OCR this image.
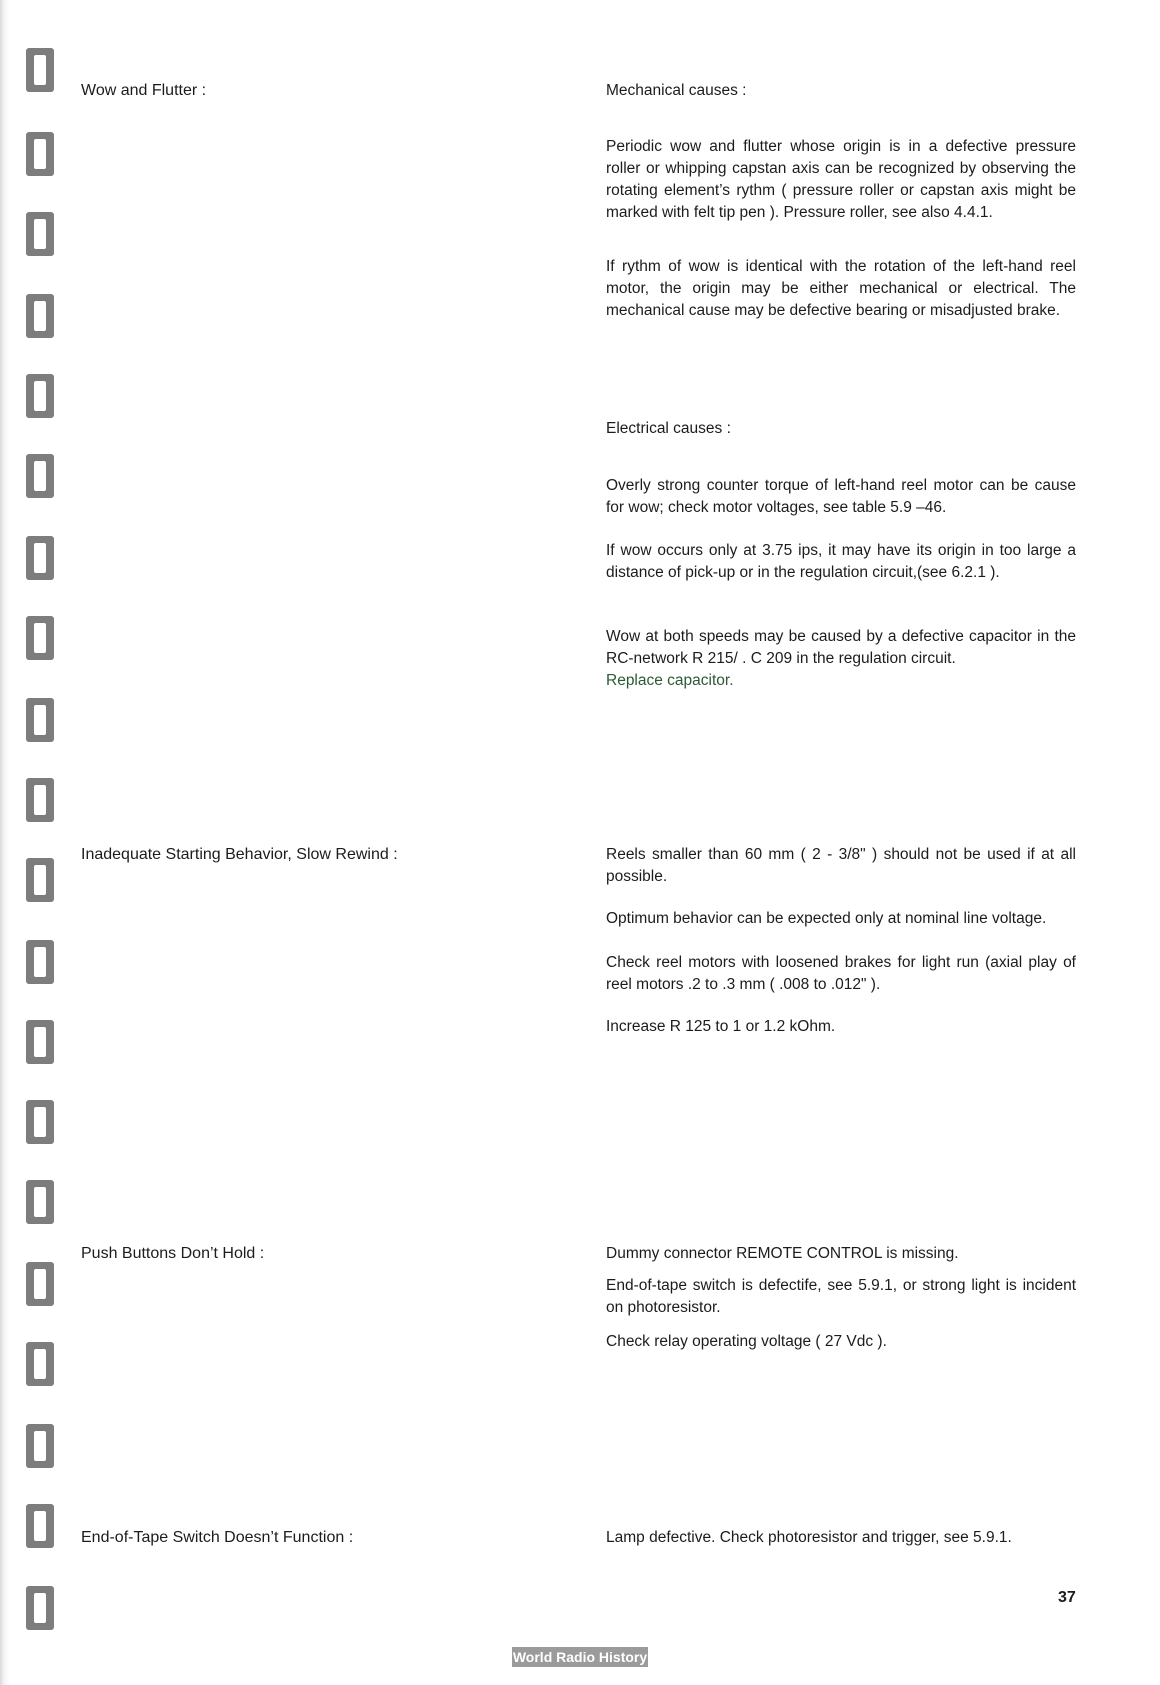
Wow and Flutter :	Mechanical causes :
Periodic wow and flutter whose origin is in a defective pressure roller or whipping capstan axis can be recognized by observing the rotating element’s rythm ( pressure roller or capstan axis might be marked with felt tip pen ). Pressure roller, see also 4.4.1.
If rythm of wow is identical with the rotation of the left-hand reel motor, the origin may be either mechanical or electrical. The mechanical cause may be defective bearing or misadjusted brake.
Electrical causes :
Overly strong counter torque of left-hand reel motor can be cause for wow; check motor voltages, see table 5.9 –46.
If wow occurs only at 3.75 ips, it may have its origin in too large a distance of pick-up or in the regulation circuit,(see 6.2.1 ).
Wow at both speeds may be caused by a defective capacitor in the RC-network R 215/ . C 209 in the regulation circuit.
Replace capacitor.
Inadequate Starting Behavior, Slow Rewind :	Reels smaller than 60 mm ( 2 - 3/8" ) should not be used if at all possible.
Optimum behavior can be expected only at nominal line voltage.
Check reel motors with loosened brakes for light run (axial play of reel motors .2 to .3 mm ( .008 to .012" ).
Increase R 125 to 1 or 1.2 kOhm.
Push Buttons Don’t Hold :	Dummy connector REMOTE CONTROL is missing.
End-of-tape switch is defectife, see 5.9.1, or strong light is incident on photoresistor.
Check relay operating voltage ( 27 Vdc ).
End-of-Tape Switch Doesn’t Function :	Lamp defective. Check photoresistor and trigger, see 5.9.1.
37
World Radio History
